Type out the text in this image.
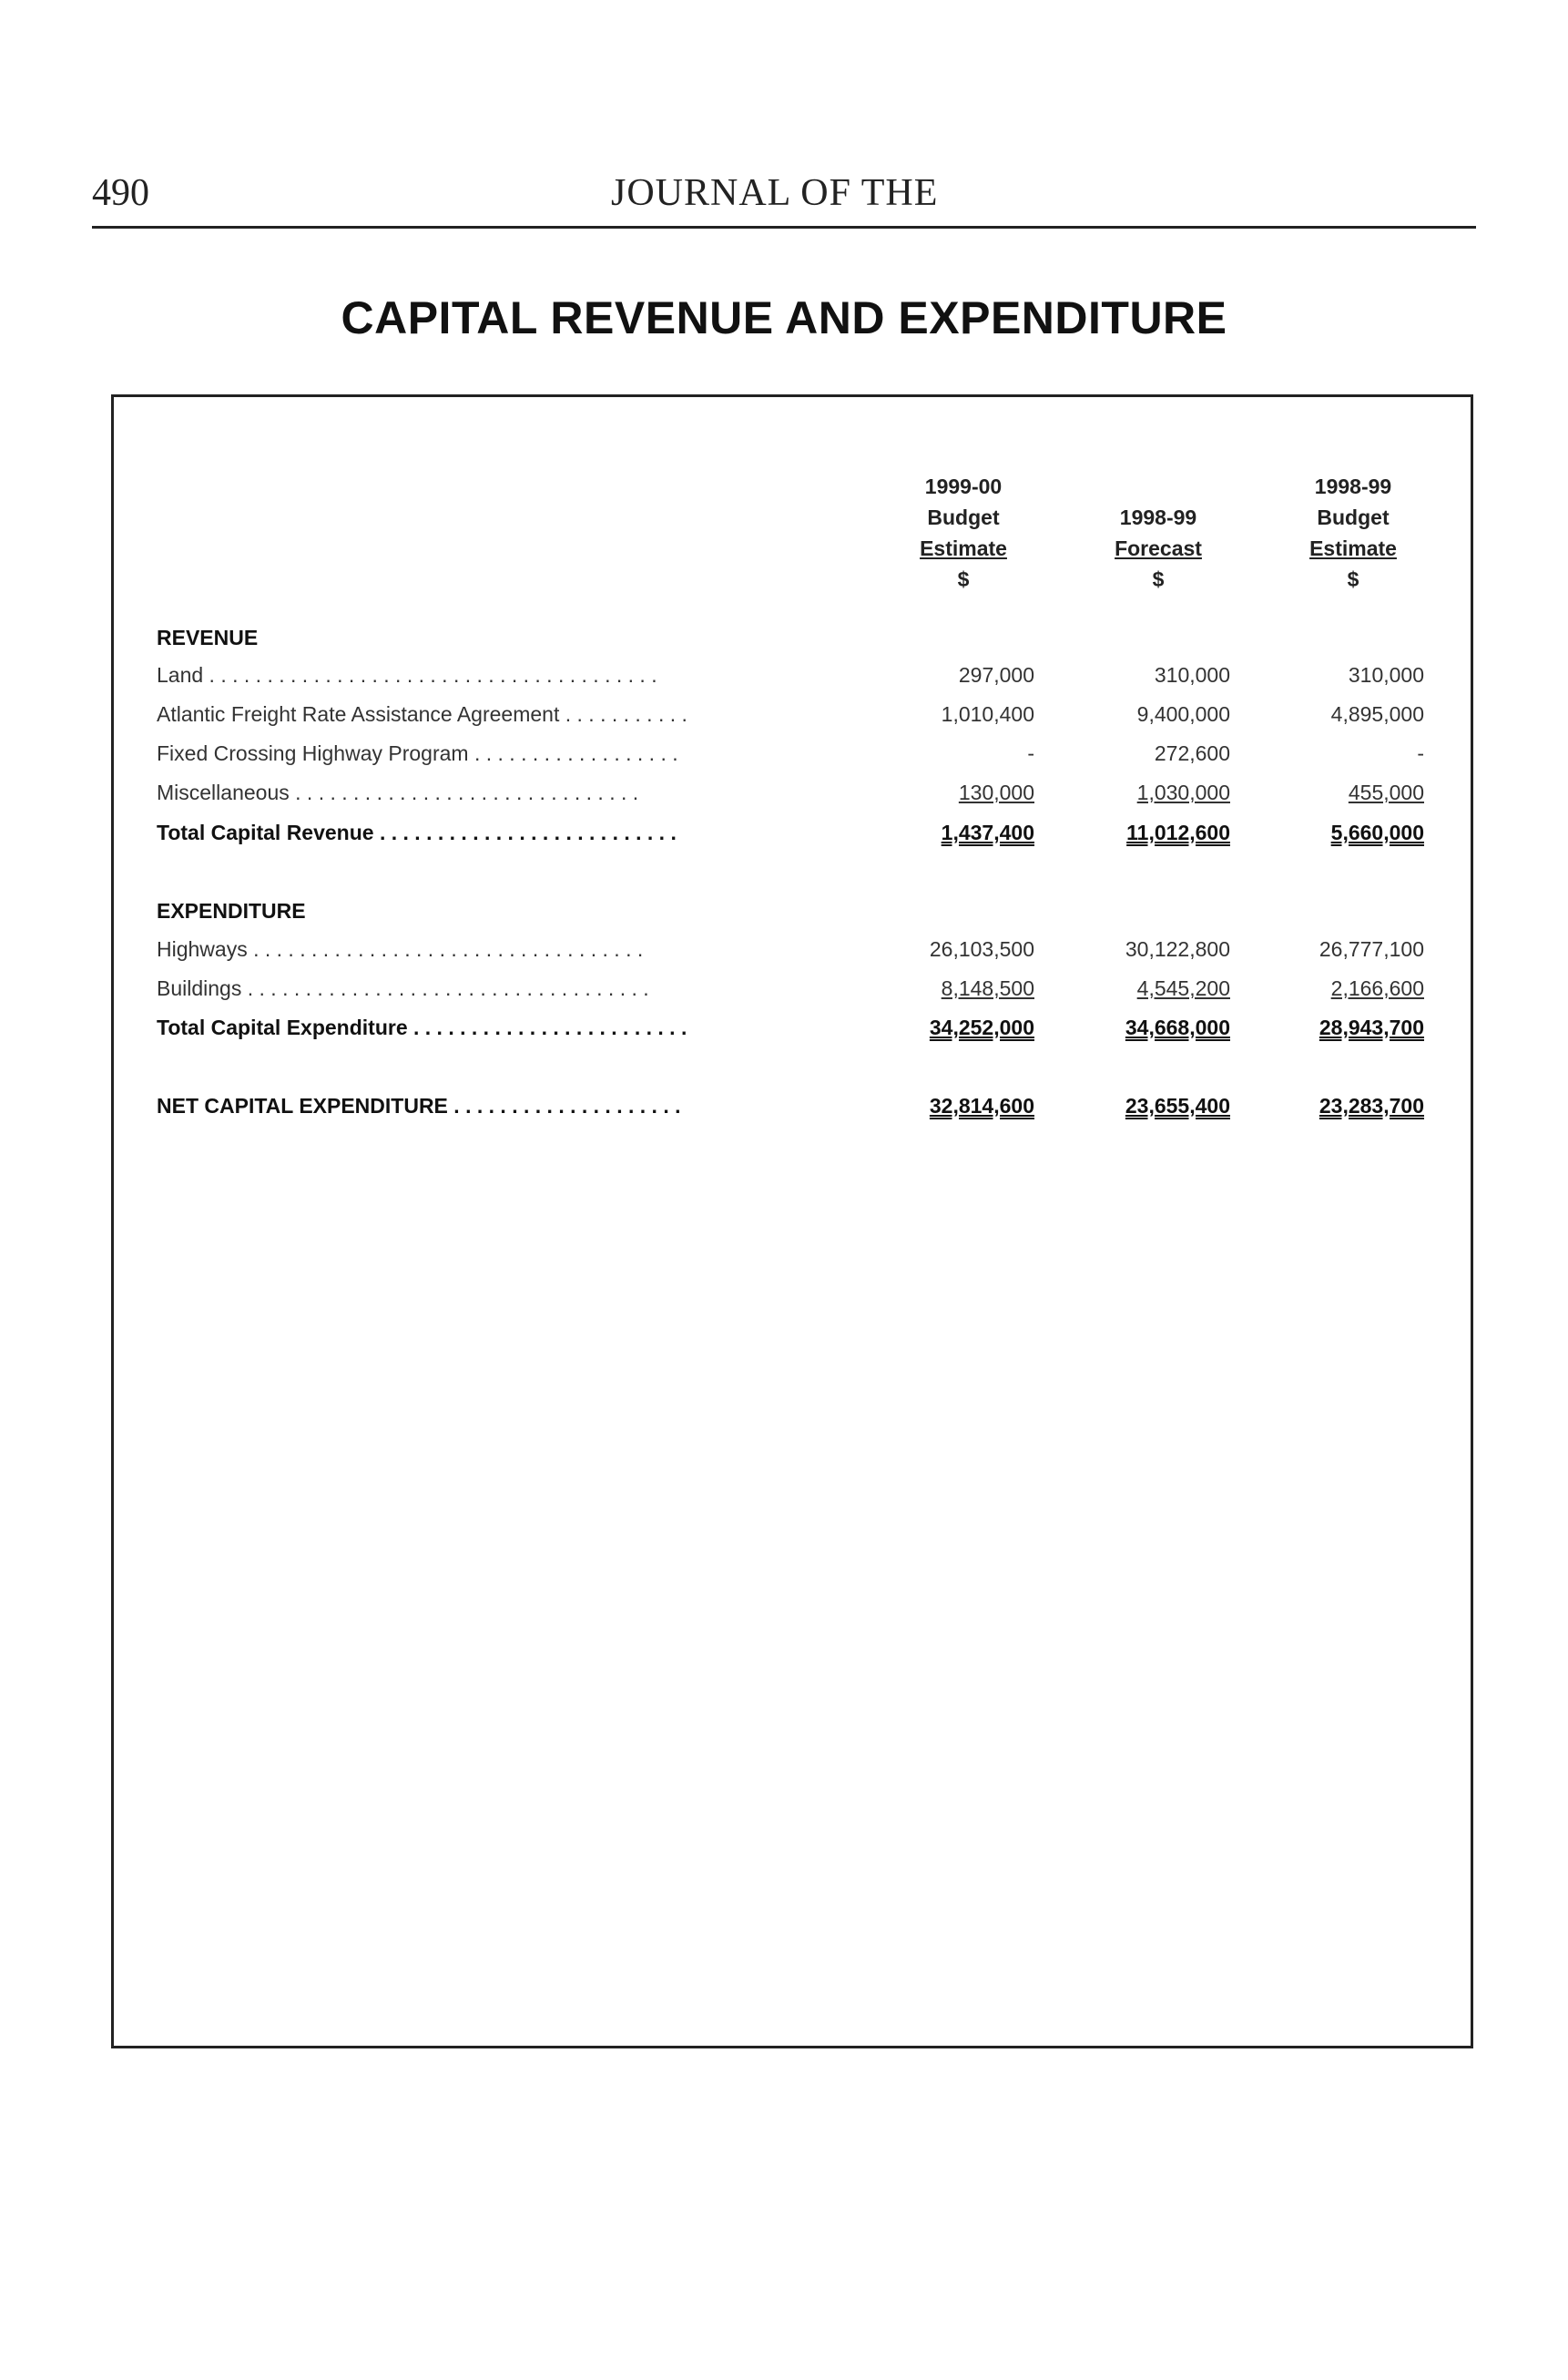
490	JOURNAL OF THE
CAPITAL REVENUE AND EXPENDITURE
1999-00
Budget
Estimate
$
1998-99
Forecast
$
1998-99
Budget
Estimate
$
REVENUE
Land . . . . . . . . . . . . . . . . . . . . . . . . . . . . . . . . . . . . . . .	297,000	310,000	310,000
Atlantic Freight Rate Assistance Agreement . . . . . . . . . . .	1,010,400	9,400,000	4,895,000
Fixed Crossing Highway Program . . . . . . . . . . . . . . . . . .	-	272,600	-
Miscellaneous . . . . . . . . . . . . . . . . . . . . . . . . . . . . . .	130,000	1,030,000	455,000
Total Capital Revenue . . . . . . . . . . . . . . . . . . . . . . . . . .	1,437,400	11,012,600	5,660,000
EXPENDITURE
Highways . . . . . . . . . . . . . . . . . . . . . . . . . . . . . . . . . .	26,103,500	30,122,800	26,777,100
Buildings . . . . . . . . . . . . . . . . . . . . . . . . . . . . . . . . . . .	8,148,500	4,545,200	2,166,600
Total Capital Expenditure . . . . . . . . . . . . . . . . . . . . . . . .	34,252,000	34,668,000	28,943,700
NET CAPITAL EXPENDITURE . . . . . . . . . . . . . . . . . . . .	32,814,600	23,655,400	23,283,700
